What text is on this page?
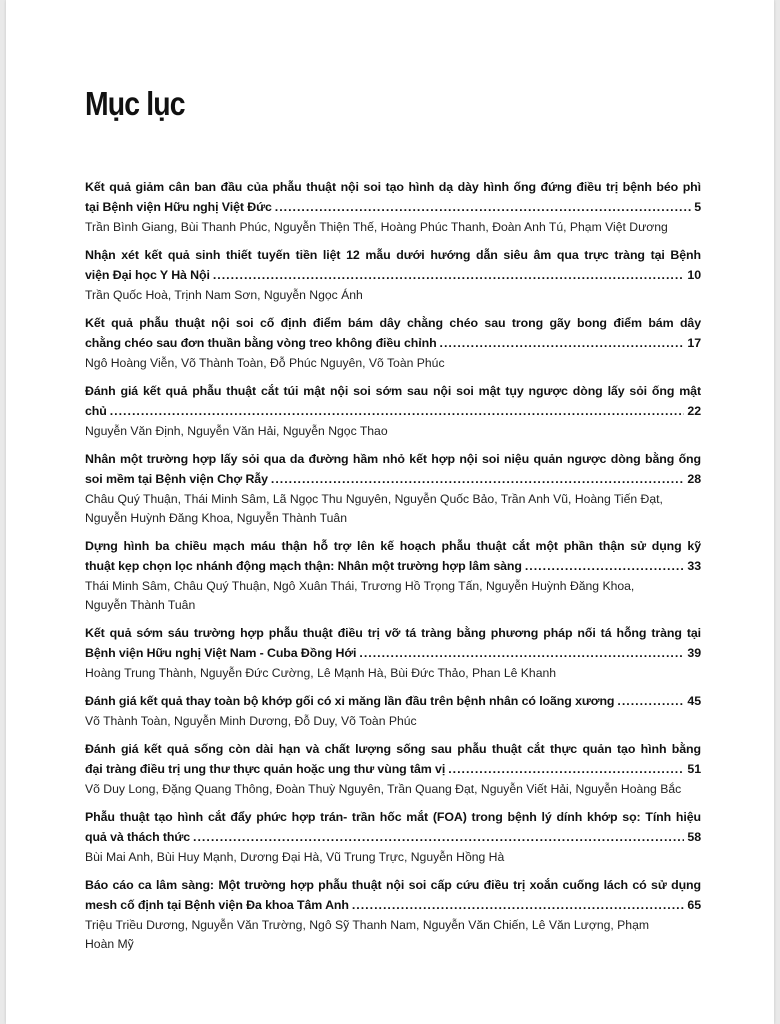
Mục lục
Kết quả giảm cân ban đầu của phẫu thuật nội soi tạo hình dạ dày hình ống đứng điều trị bệnh béo phì
tại Bệnh viện Hữu nghị Việt Đức .....	5
Trần Bình Giang, Bùi Thanh Phúc, Nguyễn Thiện Thế, Hoàng Phúc Thanh, Đoàn Anh Tú, Phạm Việt Dương
Nhận xét kết quả sinh thiết tuyến tiền liệt 12 mẫu dưới hướng dẫn siêu âm qua trực tràng tại Bệnh
viện Đại học Y Hà Nội .....	10
Trần Quốc Hoà, Trịnh Nam Sơn, Nguyễn Ngọc Ánh
Kết quả phẫu thuật nội soi cố định điểm bám dây chằng chéo sau trong gãy bong điểm bám dây
chằng chéo sau đơn thuần bằng vòng treo không điều chỉnh .....	17
Ngô Hoàng Viễn, Võ Thành Toàn, Đỗ Phúc Nguyên, Võ Toàn Phúc
Đánh giá kết quả phẫu thuật cắt túi mật nội soi sớm sau nội soi mật tụy ngược dòng lấy sỏi ống mật
chủ .....	22
Nguyễn Văn Định, Nguyễn Văn Hải, Nguyễn Ngọc Thao
Nhân một trường hợp lấy sỏi qua da đường hầm nhỏ kết hợp nội soi niệu quản ngược dòng bằng ống
soi mềm tại Bệnh viện Chợ Rẫy .....	28
Châu Quý Thuận, Thái Minh Sâm, Lã Ngọc Thu Nguyên, Nguyễn Quốc Bảo, Trần Anh Vũ, Hoàng Tiến Đạt,
Nguyễn Huỳnh Đăng Khoa, Nguyễn Thành Tuân
Dựng hình ba chiều mạch máu thận hỗ trợ lên kế hoạch phẫu thuật cắt một phần thận sử dụng kỹ
thuật kẹp chọn lọc nhánh động mạch thận: Nhân một trường hợp lâm sàng .....	33
Thái Minh Sâm, Châu Quý Thuận, Ngô Xuân Thái, Trương Hồ Trọng Tấn, Nguyễn Huỳnh Đăng Khoa,
Nguyễn Thành Tuân
Kết quả sớm sáu trường hợp phẫu thuật điều trị vỡ tá tràng bằng phương pháp nối tá hỗng tràng tại
Bệnh viện Hữu nghị Việt Nam - Cuba Đồng Hới .....	39
Hoàng Trung Thành, Nguyễn Đức Cường, Lê Mạnh Hà, Bùi Đức Thảo, Phan Lê Khanh
Đánh giá kết quả thay toàn bộ khớp gối có xi măng lần đầu trên bệnh nhân có loãng xương .....	45
Võ Thành Toàn, Nguyễn Minh Dương, Đỗ Duy, Võ Toàn Phúc
Đánh giá kết quả sống còn dài hạn và chất lượng sống sau phẫu thuật cắt thực quản tạo hình bằng
đại tràng điều trị ung thư thực quản hoặc ung thư vùng tâm vị .....	51
Võ Duy Long, Đặng Quang Thông, Đoàn Thuỳ Nguyên, Trần Quang Đạt, Nguyễn Viết Hải, Nguyễn Hoàng Bắc
Phẫu thuật tạo hình cắt đẩy phức hợp trán- trần hốc mắt (FOA) trong bệnh lý dính khớp sọ: Tính hiệu
quả và thách thức .....	58
Bùi Mai Anh, Bùi Huy Mạnh, Dương Đại Hà, Vũ Trung Trực, Nguyễn Hồng Hà
Báo cáo ca lâm sàng: Một trường hợp phẫu thuật nội soi cấp cứu điều trị xoắn cuống lách có sử dụng
mesh cố định tại Bệnh viện Đa khoa Tâm Anh .....	65
Triệu Triều Dương, Nguyễn Văn Trường, Ngô Sỹ Thanh Nam, Nguyễn Văn Chiến, Lê Văn Lượng, Phạm
Hoàn Mỹ
